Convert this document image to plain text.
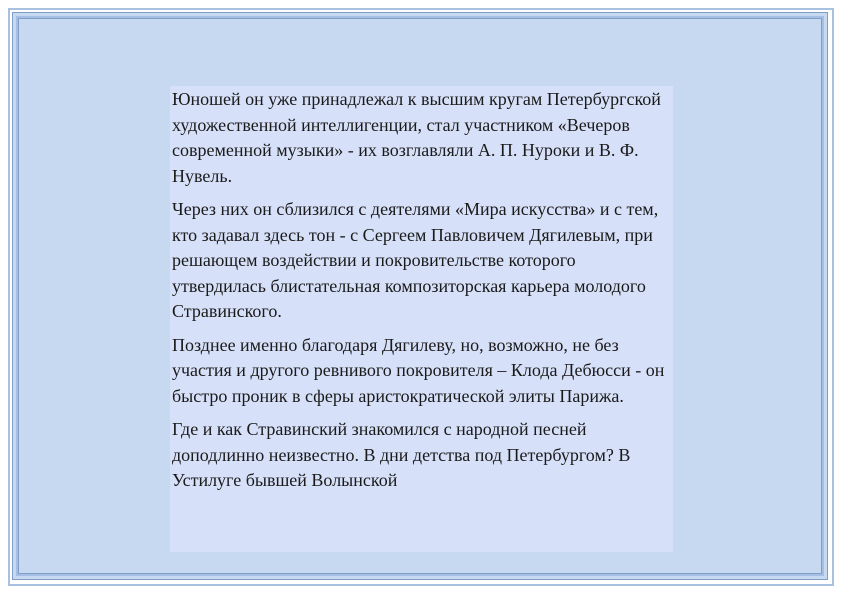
Юношей он уже принадлежал к высшим кругам Петербургской художественной интеллигенции, стал участником «Вечеров современной музыки» - их возглавляли А. П. Нуроки и В. Ф. Нувель.

Через них он сблизился с деятелями «Мира искусства» и с тем, кто задавал здесь тон - с Сергеем Павловичем Дягилевым, при решающем воздействии и покровительстве которого утвердилась блистательная композиторская карьера молодого Стравинского.

Позднее именно благодаря Дягилеву, но, возможно, не без участия и другого ревнивого покровителя – Клода Дебюсси - он быстро проник в сферы аристократической элиты Парижа.

Где и как Стравинский знакомился с народной песней доподлинно неизвестно. В дни детства под Петербургом? В Устилуге бывшей Волынской
